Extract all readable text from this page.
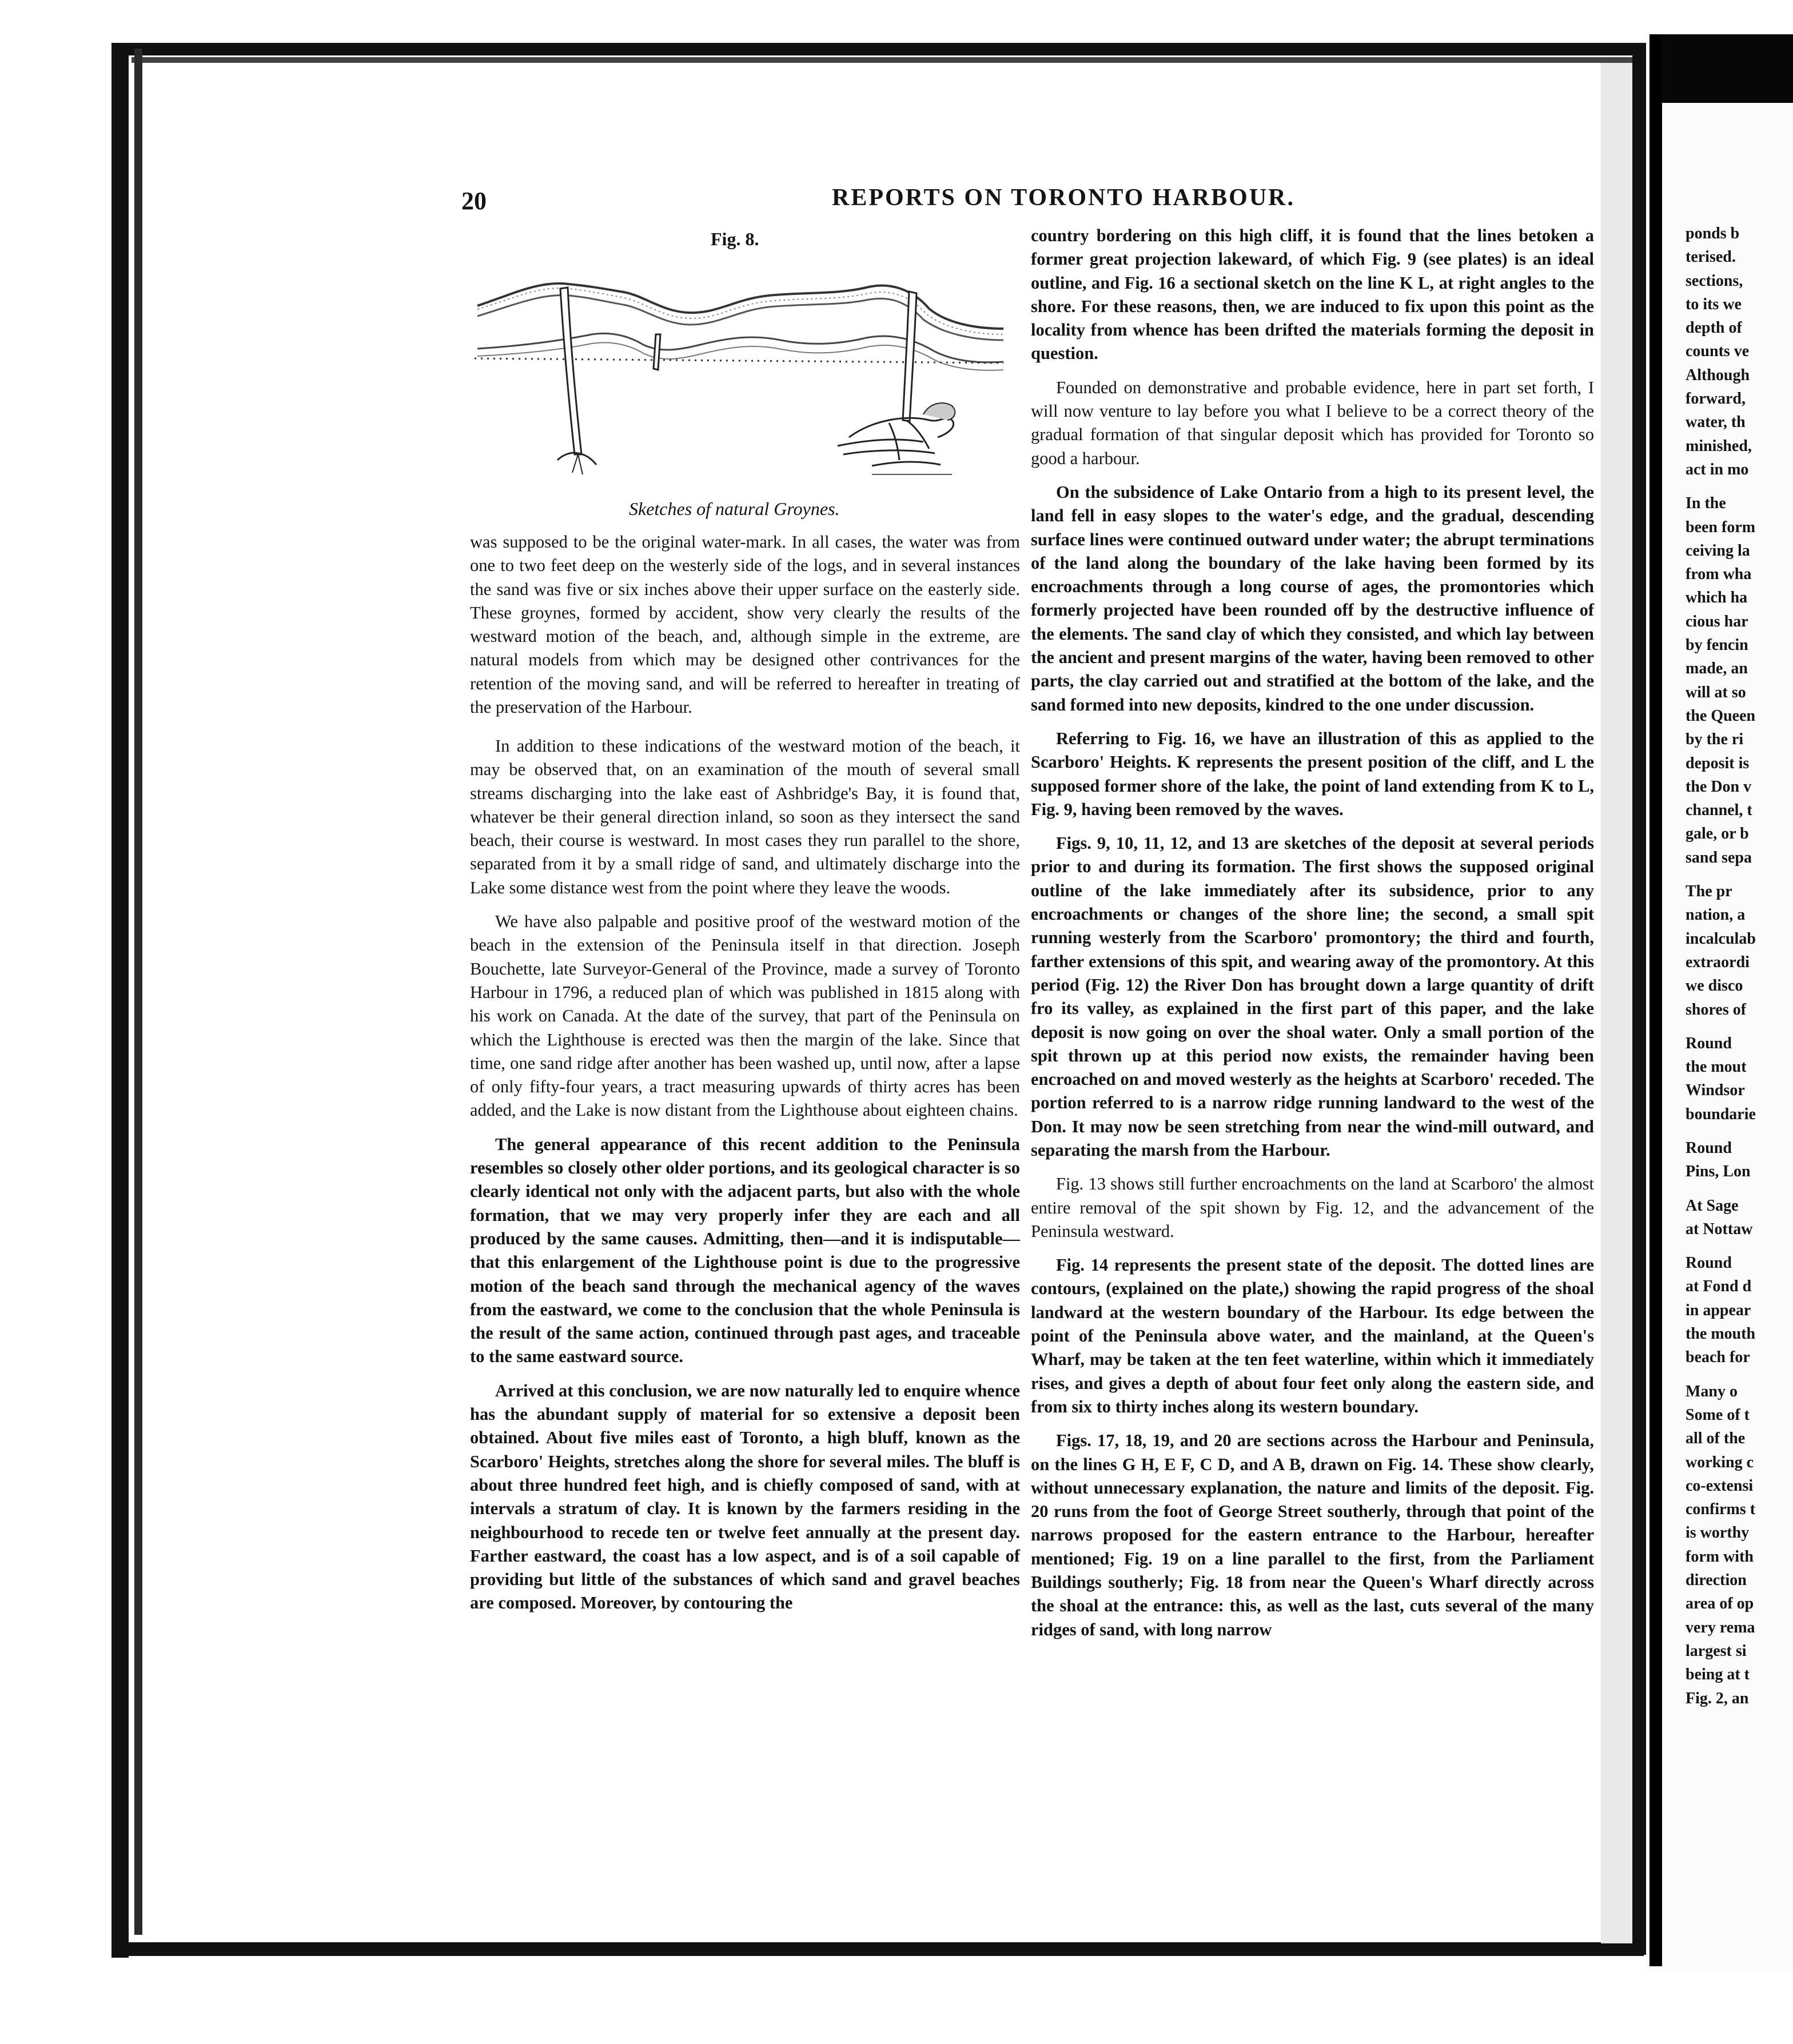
20	REPORTS ON TORONTO HARBOUR.
Fig. 8.
Sketches of natural Groynes.

was supposed to be the original water-mark. In all cases, the water was from one to two feet deep on the westerly side of the logs, and in several instances the sand was five or six inches above their upper surface on the easterly side. These groynes, formed by accident, show very clearly the results of the westward motion of the beach, and, although simple in the extreme, are natural models from which may be designed other contrivances for the retention of the moving sand, and will be referred to hereafter in treating of the preservation of the Harbour.

In addition to these indications of the westward motion of the beach, it may be observed that, on an examination of the mouth of several small streams discharging into the lake east of Ashbridge's Bay, it is found that, whatever be their general direction inland, so soon as they intersect the sand beach, their course is westward. In most cases they run parallel to the shore, separated from it by a small ridge of sand, and ultimately discharge into the Lake some distance west from the point where they leave the woods.

We have also palpable and positive proof of the westward motion of the beach in the extension of the Peninsula itself in that direction. Joseph Bouchette, late Surveyor-General of the Province, made a survey of Toronto Harbour in 1796, a reduced plan of which was published in 1815 along with his work on Canada. At the date of the survey, that part of the Peninsula on which the Lighthouse is erected was then the margin of the lake. Since that time, one sand ridge after another has been washed up, until now, after a lapse of only fifty-four years, a tract measuring upwards of thirty acres has been added, and the Lake is now distant from the Lighthouse about eighteen chains.

The general appearance of this recent addition to the Peninsula resembles so closely other older portions, and its geological character is so clearly identical not only with the adjacent parts, but also with the whole formation, that we may very properly infer they are each and all produced by the same causes. Admitting, then—and it is indisputable—that this enlargement of the Lighthouse point is due to the progressive motion of the beach sand through the mechanical agency of the waves from the eastward, we come to the conclusion that the whole Peninsula is the result of the same action, continued through past ages, and traceable to the same eastward source.

Arrived at this conclusion, we are now naturally led to enquire whence has the abundant supply of material for so extensive a deposit been obtained. About five miles east of Toronto, a high bluff, known as the Scarboro' Heights, stretches along the shore for several miles. The bluff is about three hundred feet high, and is chiefly composed of sand, with at intervals a stratum of clay. It is known by the farmers residing in the neighbourhood to recede ten or twelve feet annually at the present day. Farther eastward, the coast has a low aspect, and is of a soil capable of providing but little of the substances of which sand and gravel beaches are composed. Moreover, by contouring the

country bordering on this high cliff, it is found that the lines betoken a former great projection lakeward, of which Fig. 9 (see plates) is an ideal outline, and Fig. 16 a sectional sketch on the line K L, at right angles to the shore. For these reasons, then, we are induced to fix upon this point as the locality from whence has been drifted the materials forming the deposit in question.

Founded on demonstrative and probable evidence, here in part set forth, I will now venture to lay before you what I believe to be a correct theory of the gradual formation of that singular deposit which has provided for Toronto so good a harbour.

On the subsidence of Lake Ontario from a high to its present level, the land fell in easy slopes to the water's edge, and the gradual, descending surface lines were continued outward under water; the abrupt terminations of the land along the boundary of the lake having been formed by its encroachments through a long course of ages, the promontories which formerly projected have been rounded off by the destructive influence of the elements. The sand clay of which they consisted, and which lay between the ancient and present margins of the water, having been removed to other parts, the clay carried out and stratified at the bottom of the lake, and the sand formed into new deposits, kindred to the one under discussion.

Referring to Fig. 16, we have an illustration of this as applied to the Scarboro' Heights. K represents the present position of the cliff, and L the supposed former shore of the lake, the point of land extending from K to L, Fig. 9, having been removed by the waves.

Figs. 9, 10, 11, 12, and 13 are sketches of the deposit at several periods prior to and during its formation. The first shows the supposed original outline of the lake immediately after its subsidence, prior to any encroachments or changes of the shore line; the second, a small spit running westerly from the Scarboro' promontory; the third and fourth, farther extensions of this spit, and wearing away of the promontory. At this period (Fig. 12) the River Don has brought down a large quantity of drift fro its valley, as explained in the first part of this paper, and the lake deposit is now going on over the shoal water. Only a small portion of the spit thrown up at this period now exists, the remainder having been encroached on and moved westerly as the heights at Scarboro' receded. The portion referred to is a narrow ridge running landward to the west of the Don. It may now be seen stretching from near the wind-mill outward, and separating the marsh from the Harbour.

Fig. 13 shows still further encroachments on the land at Scarboro' the almost entire removal of the spit shown by Fig. 12, and the advancement of the Peninsula westward.

Fig. 14 represents the present state of the deposit. The dotted lines are contours, (explained on the plate,) showing the rapid progress of the shoal landward at the western boundary of the Harbour. Its edge between the point of the Peninsula above water, and the mainland, at the Queen's Wharf, may be taken at the ten feet waterline, within which it immediately rises, and gives a depth of about four feet only along the eastern side, and from six to thirty inches along its western boundary.

Figs. 17, 18, 19, and 20 are sections across the Harbour and Peninsula, on the lines G H, E F, C D, and A B, drawn on Fig. 14. These show clearly, without unnecessary explanation, the nature and limits of the deposit. Fig. 20 runs from the foot of George Street southerly, through that point of the narrows proposed for the eastern entrance to the Harbour, hereafter mentioned; Fig. 19 on a line parallel to the first, from the Parliament Buildings southerly; Fig. 18 from near the Queen's Wharf directly across the shoal at the entrance: this, as well as the last, cuts several of the many ridges of sand, with long narrow

ponds b
terised.
sections,
to its we
depth of
counts ve
Although
forward,
water, th
minished,
act in mo
In the
been form
ceiving la
from wha
which ha
cious har
by fencin
made, an
will at so
the Queen
by the ri
deposit is
the Don v
channel, t
gale, or b
sand sepa
The pr
nation, a
incalculab
extraordi
we disco
shores of
Round
the mout
Windsor
boundarie
Round
Pins, Lon
At Sage
at Nottaw
Round
at Fond d
in appear
the mouth
beach for
Many o
Some of t
all of the
working c
co-extensi
confirms t
is worthy
form with
direction
area of op
very rema
largest si
being at t
Fig. 2, an
